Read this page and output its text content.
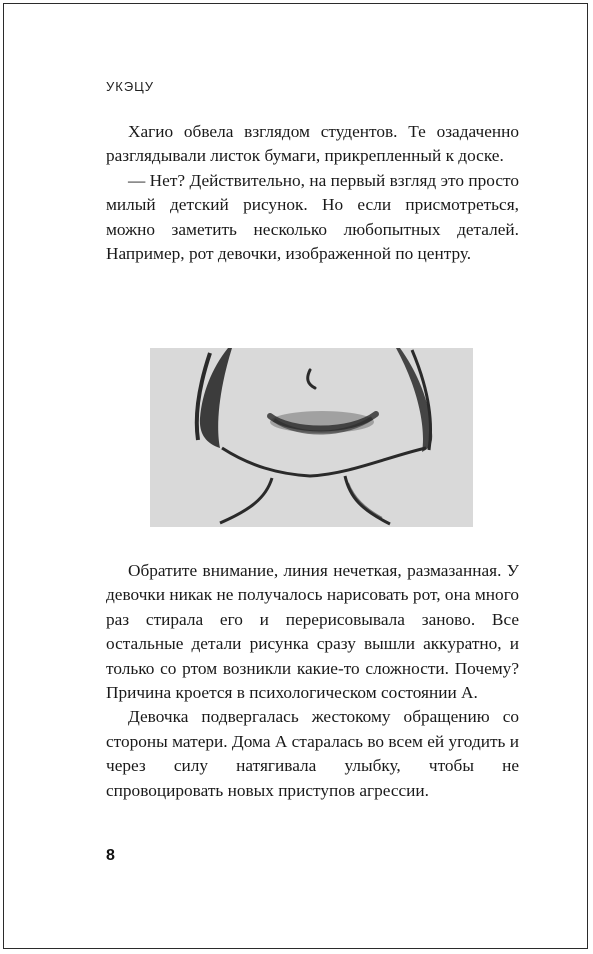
УКЭЦУ

Хагио обвела взглядом студентов. Те озадаченно разглядывали листок бумаги, прикрепленный к доске.

— Нет? Действительно, на первый взгляд это просто милый детский рисунок. Но если присмотреться, можно заметить несколько любопытных деталей. Например, рот девочки, изображенной по центру.

Обратите внимание, линия нечеткая, размазанная. У девочки никак не получалось нарисовать рот, она много раз стирала его и перерисовывала заново. Все остальные детали рисунка сразу вышли аккуратно, и только со ртом возникли какие-то сложности. Почему? Причина кроется в психологическом состоянии А.

Девочка подвергалась жестокому обращению со стороны матери. Дома А старалась во всем ей угодить и через силу натягивала улыбку, чтобы не спровоцировать новых приступов агрессии.

8
